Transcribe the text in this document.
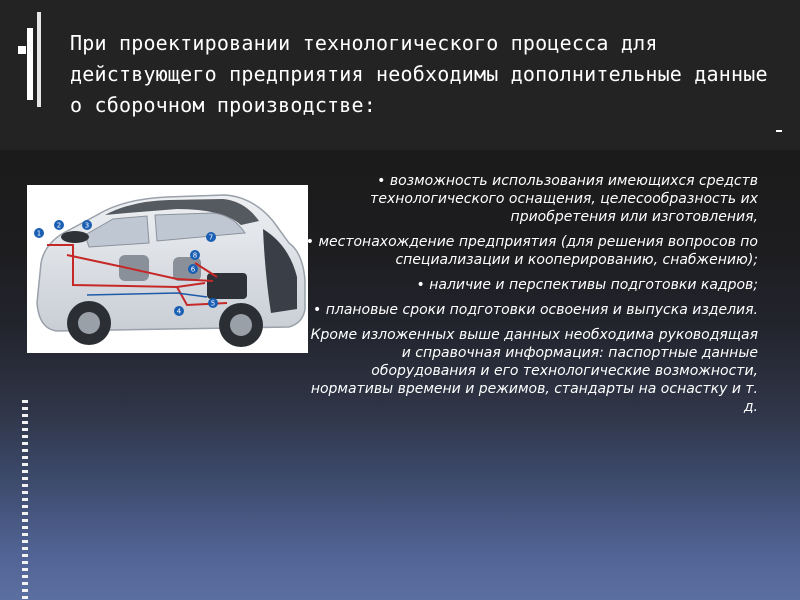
При проектировании технологического процесса для действующего предприятия необходимы дополнительные данные о сборочном производстве:
1
2	3
4
5
6
7
8

• возможность использования имеющихся средств технологического оснащения, целесообразность их приобретения или изготовления,

• местонахождение предприятия (для решения вопросов по специализации и кооперированию, снабжению);

• наличие и перспективы подготовки кадров;

• плановые сроки подготовки освоения и выпуска изделия.

Кроме изложенных выше данных необходима руководящая и справочная информация: паспортные данные оборудования и его технологические возможности, нормативы времени и режимов, стандарты на оснастку и т. д.
